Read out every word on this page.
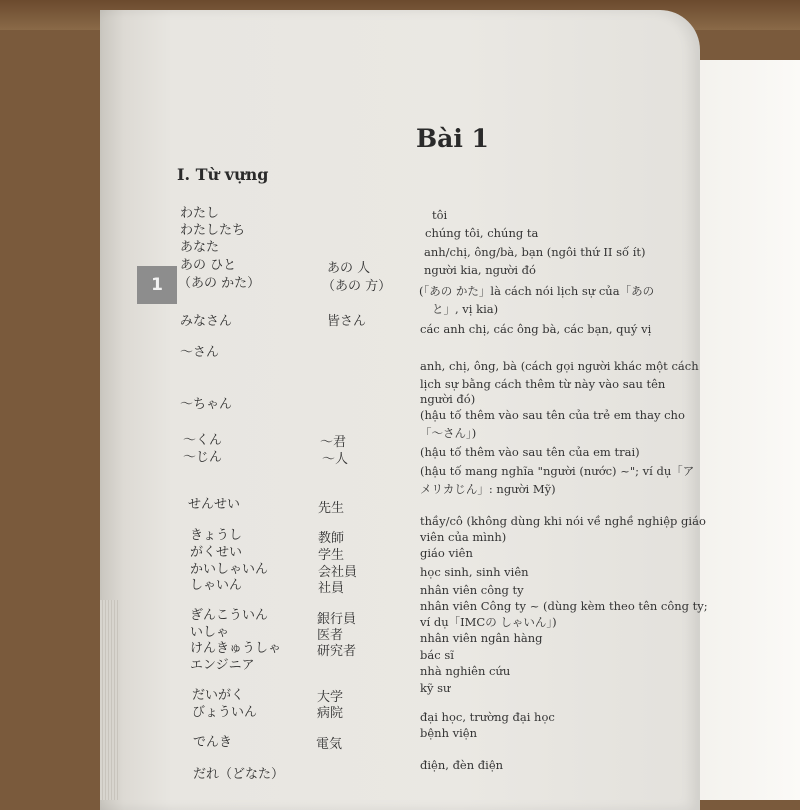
Bài 1
I. Từ vựng
1
わたし
わたしたち
あなた
あの ひと
（あの かた）
みなさん
～さん
～ちゃん
～くん
～じん
せんせい
きょうし
がくせい
かいしゃいん
しゃいん
ぎんこういん
いしゃ
けんきゅうしゃ
エンジニア
だいがく
びょういん
でんき
だれ（どなた）
あの 人
（あの 方）
皆さん
～君
～人
先生
教師
学生
会社員
社員
銀行員
医者
研究者
大学
病院
電気
tôi
chúng tôi, chúng ta
anh/chị, ông/bà, bạn (ngôi thứ II số ít)
người kia, người đó
(「あの かた」là cách nói lịch sự của「あの
と」, vị kia)
các anh chị, các ông bà, các bạn, quý vị
anh, chị, ông, bà (cách gọi người khác một cách
lịch sự bằng cách thêm từ này vào sau tên
người đó)
(hậu tố thêm vào sau tên của trẻ em thay cho
「～さん」)
(hậu tố thêm vào sau tên của em trai)
(hậu tố mang nghĩa "người (nước) ~"; ví dụ「ア
メリカじん」: người Mỹ)
thầy/cô (không dùng khi nói về nghề nghiệp giáo
viên của mình)
giáo viên
học sinh, sinh viên
nhân viên công ty
nhân viên Công ty ~ (dùng kèm theo tên công ty;
ví dụ「IMCの しゃいん」)
nhân viên ngân hàng
bác sĩ
nhà nghiên cứu
kỹ sư
đại học, trường đại học
bệnh viện
điện, đèn điện
